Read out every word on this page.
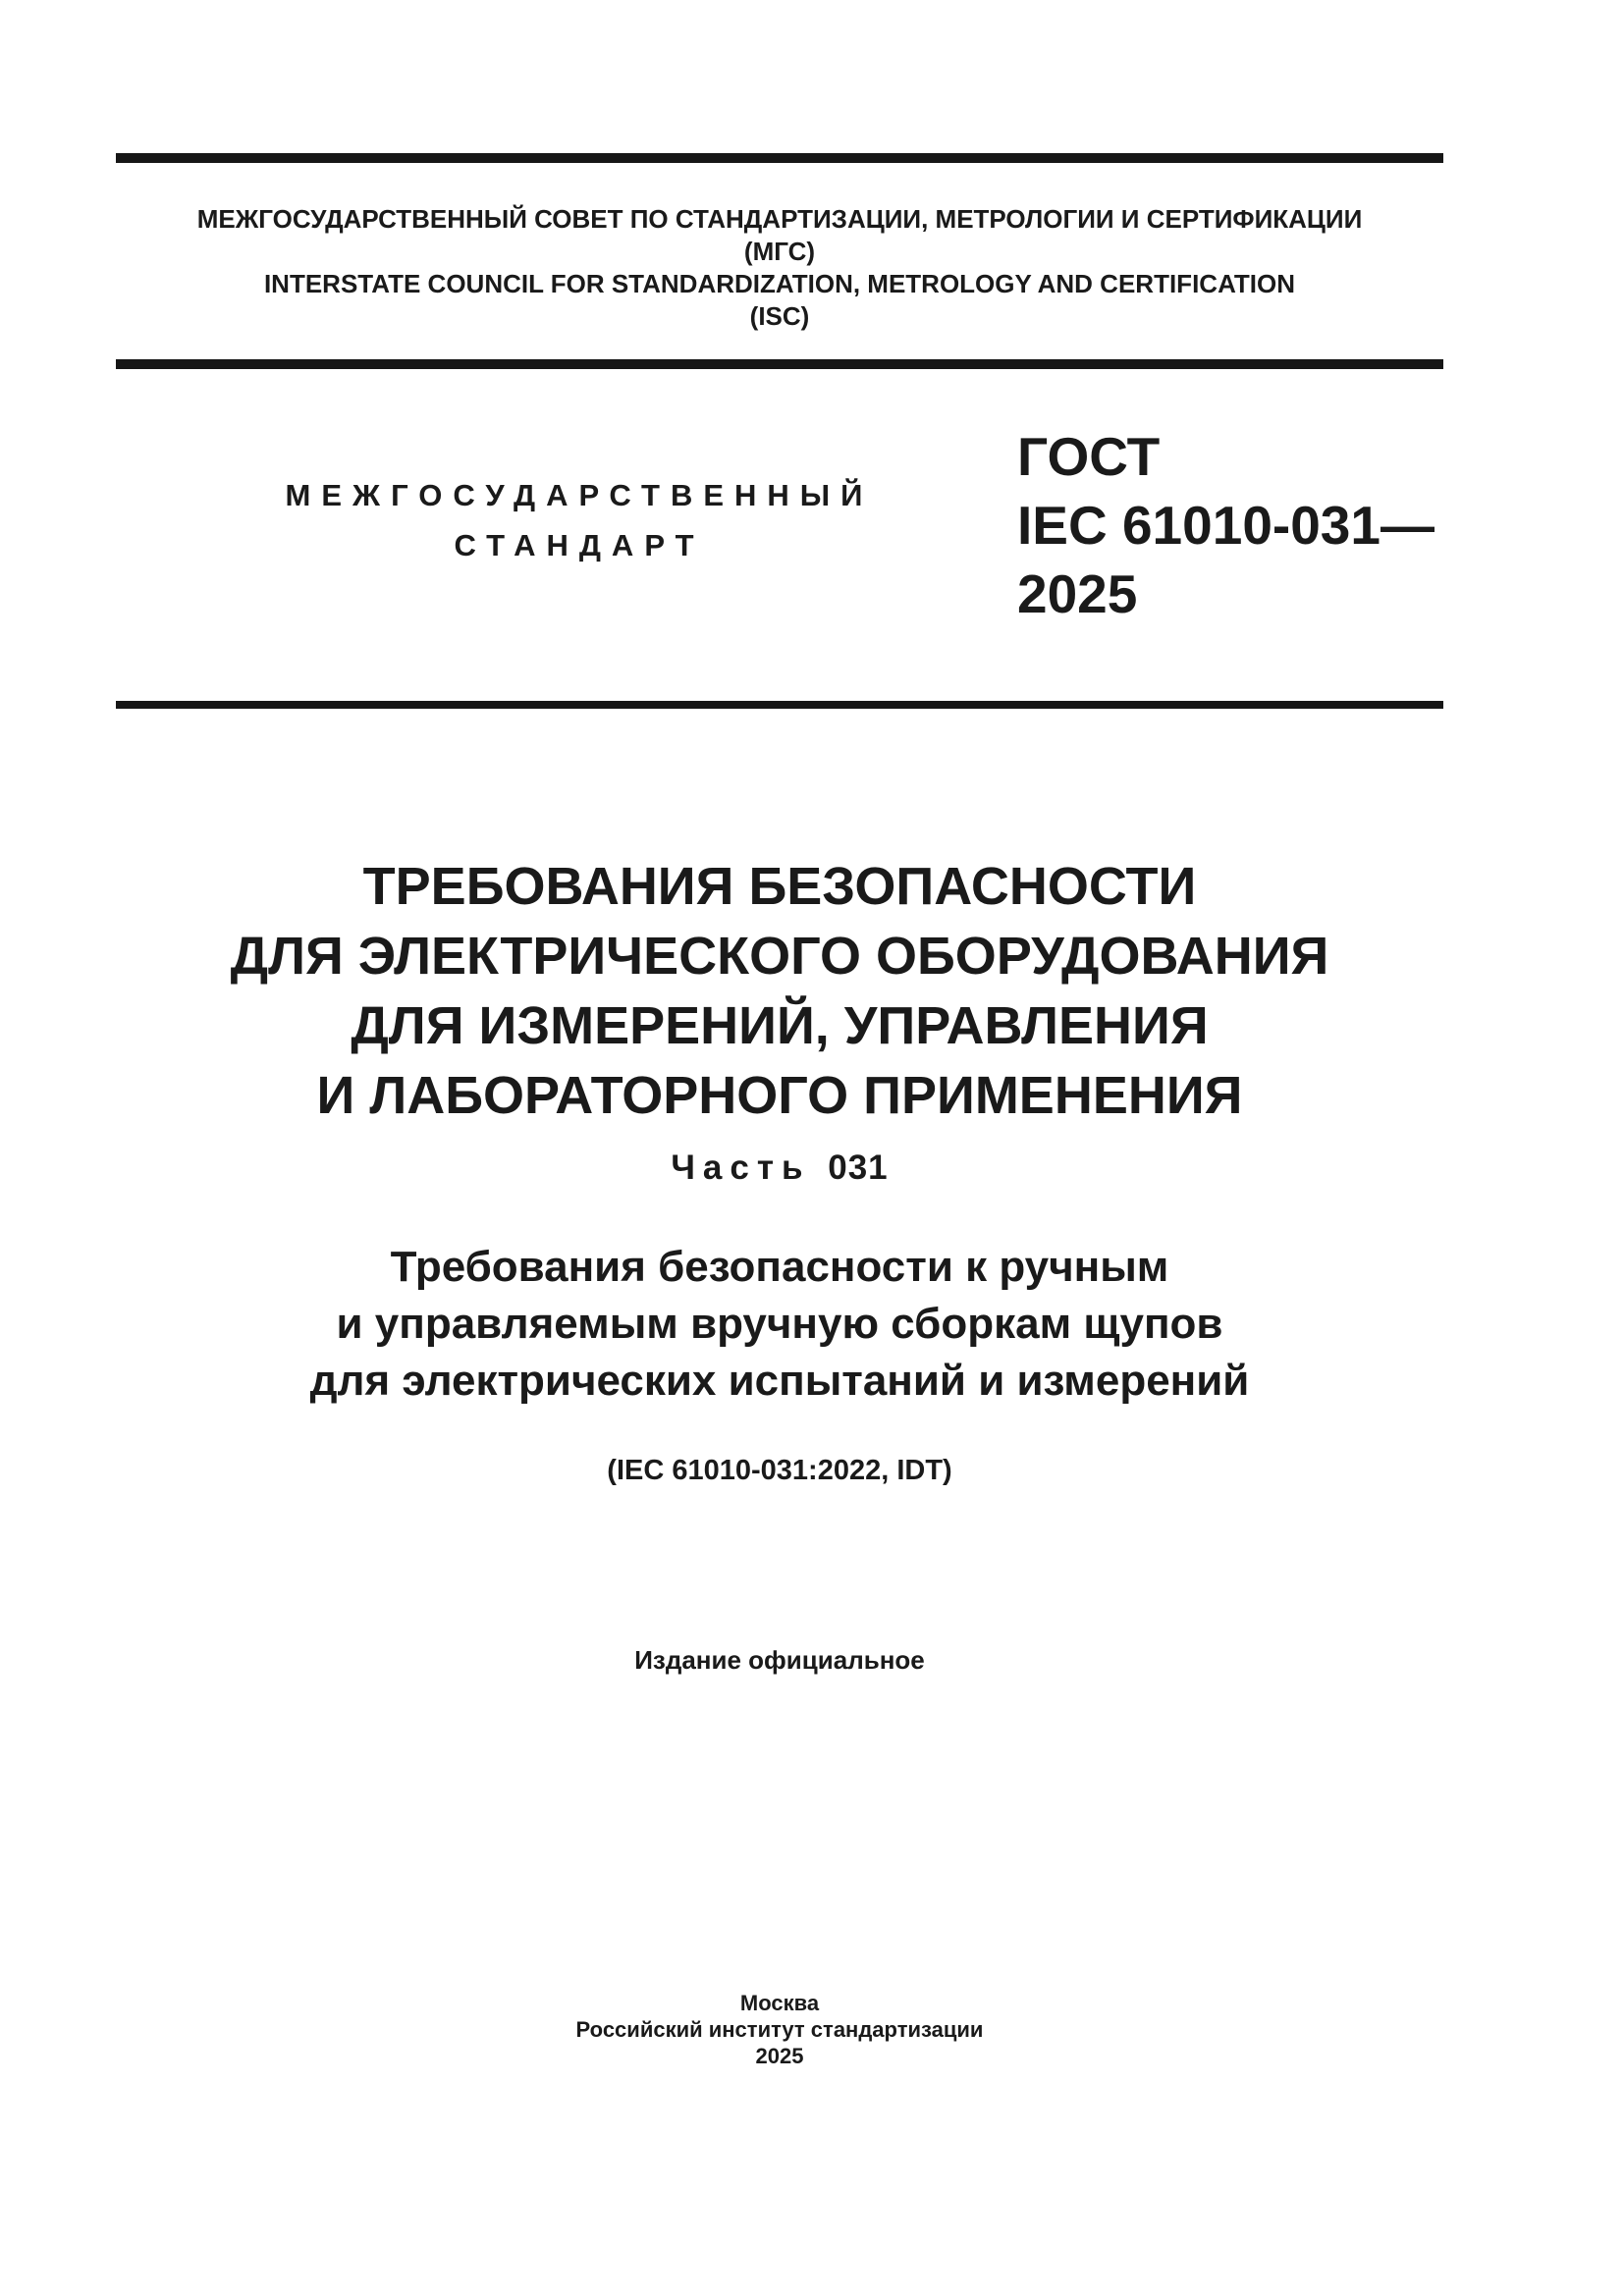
МЕЖГОСУДАРСТВЕННЫЙ СОВЕТ ПО СТАНДАРТИЗАЦИИ, МЕТРОЛОГИИ И СЕРТИФИКАЦИИ
(МГС)
INTERSTATE COUNCIL FOR STANDARDIZATION, METROLOGY AND CERTIFICATION
(ISC)
МЕЖГОСУДАРСТВЕННЫЙ
СТАНДАРТ
ГОСТ
IEC 61010-031—
2025
ТРЕБОВАНИЯ БЕЗОПАСНОСТИ
ДЛЯ ЭЛЕКТРИЧЕСКОГО ОБОРУДОВАНИЯ
ДЛЯ ИЗМЕРЕНИЙ, УПРАВЛЕНИЯ
И ЛАБОРАТОРНОГО ПРИМЕНЕНИЯ
Часть 031
Требования безопасности к ручным
и управляемым вручную сборкам щупов
для электрических испытаний и измерений
(IEC 61010-031:2022, IDT)
Издание официальное
Москва
Российский институт стандартизации
2025
